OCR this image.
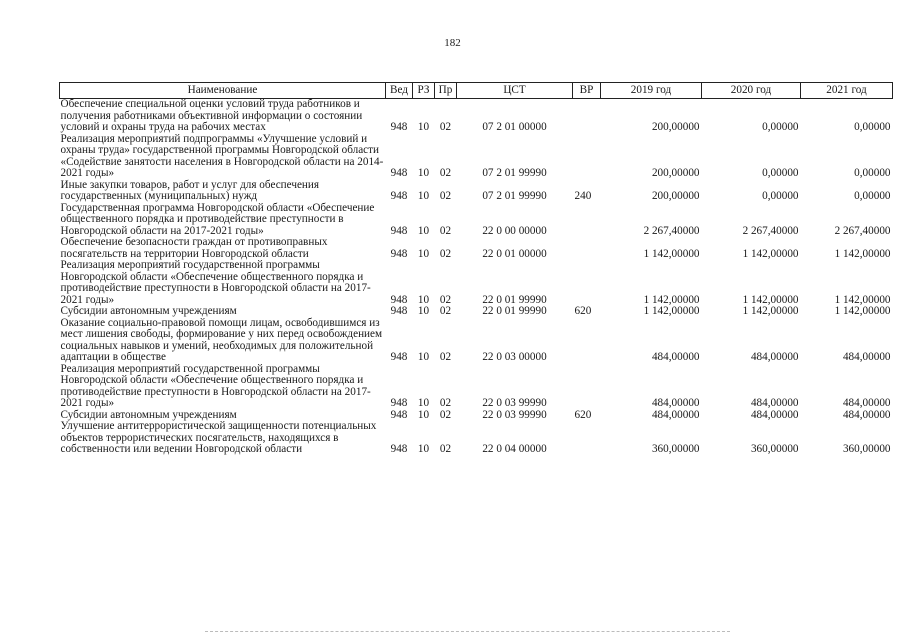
182
Наименование	Вед	РЗ	Пр	ЦСТ	ВР	2019 год	2020 год	2021 год
Обеспечение специальной оценки условий труда работников и получения работниками объективной информации о состоянии условий и охраны труда на рабочих местах	948	10	02	07 2 01 00000		200,00000	0,00000	0,00000
Реализация мероприятий подпрограммы «Улучшение условий и охраны труда» государственной программы Новгородской области «Содействие занятости населения в Новгородской области на 2014-2021 годы»	948	10	02	07 2 01 99990		200,00000	0,00000	0,00000
Иные закупки товаров, работ и услуг для обеспечения государственных (муниципальных) нужд	948	10	02	07 2 01 99990	240	200,00000	0,00000	0,00000
Государственная программа Новгородской области «Обеспечение общественного порядка и противодействие преступности в Новгородской области на 2017-2021 годы»	948	10	02	22 0 00 00000		2 267,40000	2 267,40000	2 267,40000
Обеспечение безопасности граждан от противоправных посягательств на территории Новгородской области	948	10	02	22 0 01 00000		1 142,00000	1 142,00000	1 142,00000
Реализация мероприятий государственной программы Новгородской области «Обеспечение общественного порядка и противодействие преступности в Новгородской области на 2017-2021 годы»	948	10	02	22 0 01 99990		1 142,00000	1 142,00000	1 142,00000
Субсидии автономным учреждениям	948	10	02	22 0 01 99990	620	1 142,00000	1 142,00000	1 142,00000
Оказание социально-правовой помощи лицам, освободившимся из мест лишения свободы, формирование у них перед освобождением социальных навыков и умений, необходимых для положительной адаптации в обществе	948	10	02	22 0 03 00000		484,00000	484,00000	484,00000
Реализация мероприятий государственной программы Новгородской области «Обеспечение общественного порядка и противодействие преступности в Новгородской области на 2017-2021 годы»	948	10	02	22 0 03 99990		484,00000	484,00000	484,00000
Субсидии автономным учреждениям	948	10	02	22 0 03 99990	620	484,00000	484,00000	484,00000
Улучшение антитеррористической защищенности потенциальных объектов террористических посягательств, находящихся в собственности или ведении Новгородской области	948	10	02	22 0 04 00000		360,00000	360,00000	360,00000
